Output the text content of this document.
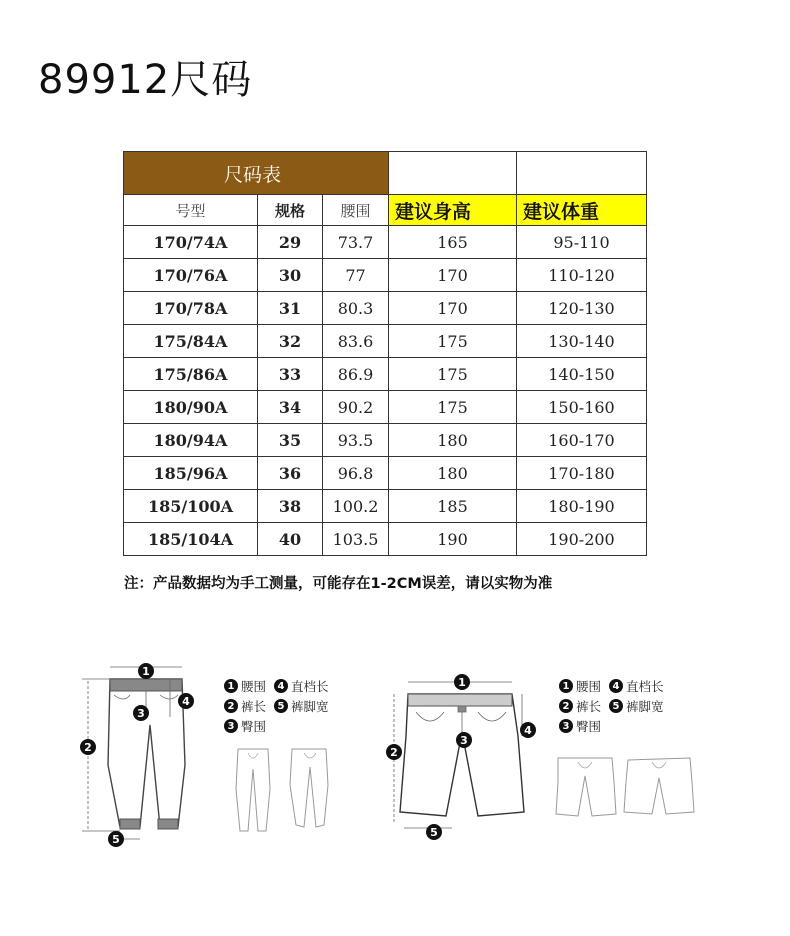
89912尺码
尺码表				
号型	规格	腰围	建议身高	建议体重
170/74A	29	73.7	165	95-110
170/76A	30	77	170	110-120
170/78A	31	80.3	170	120-130
175/84A	32	83.6	175	130-140
175/86A	33	86.9	175	140-150
180/90A	34	90.2	175	150-160
180/94A	35	93.5	180	160-170
185/96A	36	96.8	180	170-180
185/100A	38	100.2	185	180-190
185/104A	40	103.5	190	190-200
注：产品数据均为手工测量，可能存在1-2CM误差，请以实物为准
1
2
3
4
5
1 腰围	4 直档长
2 裤长	5 裤脚宽
3 臀围
1
2
3
4
5
1 腰围	4 直档长
2 裤长	5 裤脚宽
3 臀围
